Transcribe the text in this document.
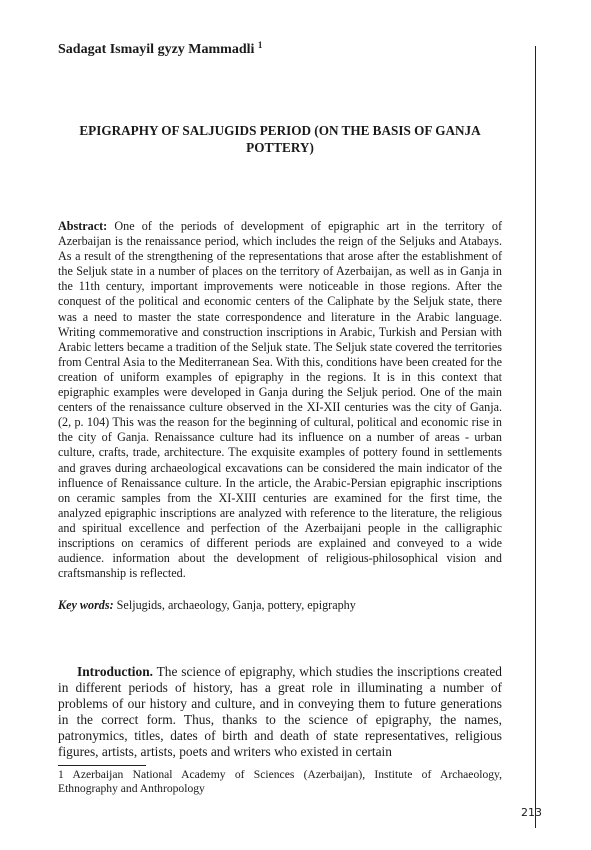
Sadagat Ismayil gyzy Mammadli $^1$
EPIGRAPHY OF SALJUGIDS PERIOD (ON THE BASIS OF GANJA POTTERY)

Abstract: One of the periods of development of epigraphic art in the territory of Azerbaijan is the renaissance period, which includes the reign of the Seljuks and Atabays. As a result of the strengthening of the representations that arose after the establishment of the Seljuk state in a number of places on the territory of Azerbaijan, as well as in Ganja in the 11th century, important improvements were noticeable in those regions. After the conquest of the political and economic centers of the Caliphate by the Seljuk state, there was a need to master the state correspondence and literature in the Arabic language. Writing commemorative and construction inscriptions in Arabic, Turkish and Persian with Arabic letters became a tradition of the Seljuk state. The Seljuk state covered the territories from Central Asia to the Mediterranean Sea. With this, conditions have been created for the creation of uniform examples of epigraphy in the regions. It is in this context that epigraphic examples were developed in Ganja during the Seljuk period. One of the main centers of the renaissance culture observed in the XI-XII centuries was the city of Ganja. (2, p. 104) This was the reason for the beginning of cultural, political and economic rise in the city of Ganja. Renaissance culture had its influence on a number of areas - urban culture, crafts, trade, architecture. The exquisite examples of pottery found in settlements and graves during archaeological excavations can be considered the main indicator of the influence of Renaissance culture. In the article, the Arabic-Persian epigraphic inscriptions on ceramic samples from the XI-XIII centuries are examined for the first time, the analyzed epigraphic inscriptions are analyzed with reference to the literature, the religious and spiritual excellence and perfection of the Azerbaijani people in the calligraphic inscriptions on ceramics of different periods are explained and conveyed to a wide audience. information about the development of religious-philosophical vision and craftsmanship is reflected.

Key words: Seljugids, archaeology, Ganja, pottery, epigraphy

Introduction. The science of epigraphy, which studies the inscriptions created in different periods of history, has a great role in illuminating a number of problems of our history and culture, and in conveying them to future generations in the correct form. Thus, thanks to the science of epigraphy, the names, patronymics, titles, dates of birth and death of state representatives, religious figures, artists, artists, poets and writers who existed in certain

1 Azerbaijan National Academy of Sciences (Azerbaijan), Institute of Archaeology, Ethnography and Anthropology

213
